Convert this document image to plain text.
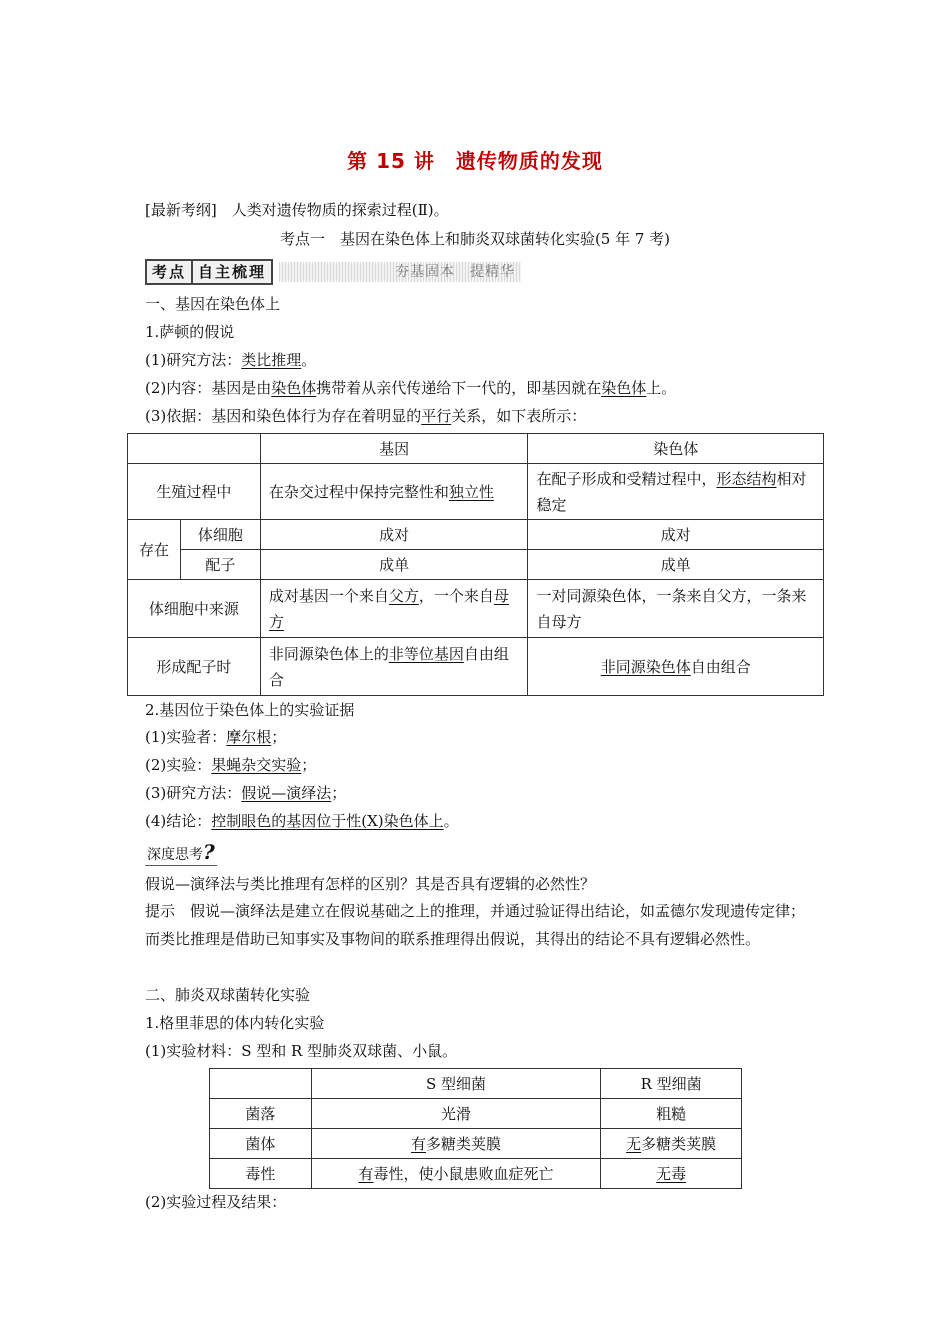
第 15 讲　遗传物质的发现
[最新考纲]　 人类对遗传物质的探索过程(Ⅱ)。
考点一　基因在染色体上和肺炎双球菌转化实验(5 年 7 考)
考点 自主梳理	夯基固本　提精华
一、基因在染色体上
1.萨顿的假说
(1)研究方法：类比推理。
(2)内容：基因是由染色体携带着从亲代传递给下一代的，即基因就在染色体上。
(3)依据：基因和染色体行为存在着明显的平行关系，如下表所示：
		基因	染色体
生殖过程中		在杂交过程中保持完整性和独立性	在配子形成和受精过程中，形态结构相对稳定
存在	体细胞	成对	成对
	配子	成单	成单
体细胞中来源		成对基因一个来自父方，一个来自母方	一对同源染色体，一条来自父方，一条来自母方
形成配子时		非同源染色体上的非等位基因自由组合	非同源染色体自由组合
2.基因位于染色体上的实验证据
(1)实验者：摩尔根；
(2)实验：果蝇杂交实验；
(3)研究方法：假说—演绎法；
(4)结论：控制眼色的基因位于性(X)染色体上。
深度思考?
假说—演绎法与类比推理有怎样的区别？其是否具有逻辑的必然性？
提示　 假说—演绎法是建立在假说基础之上的推理，并通过验证得出结论，如孟德尔发现遗传定律；而类比推理是借助已知事实及事物间的联系推理得出假说，其得出的结论不具有逻辑必然性。
二、肺炎双球菌转化实验
1.格里菲思的体内转化实验
(1)实验材料：S 型和 R 型肺炎双球菌、小鼠。
	S 型细菌	R 型细菌
菌落	光滑	粗糙
菌体	有多糖类荚膜	无多糖类荚膜
毒性	有毒性，使小鼠患败血症死亡	无毒
(2)实验过程及结果：
